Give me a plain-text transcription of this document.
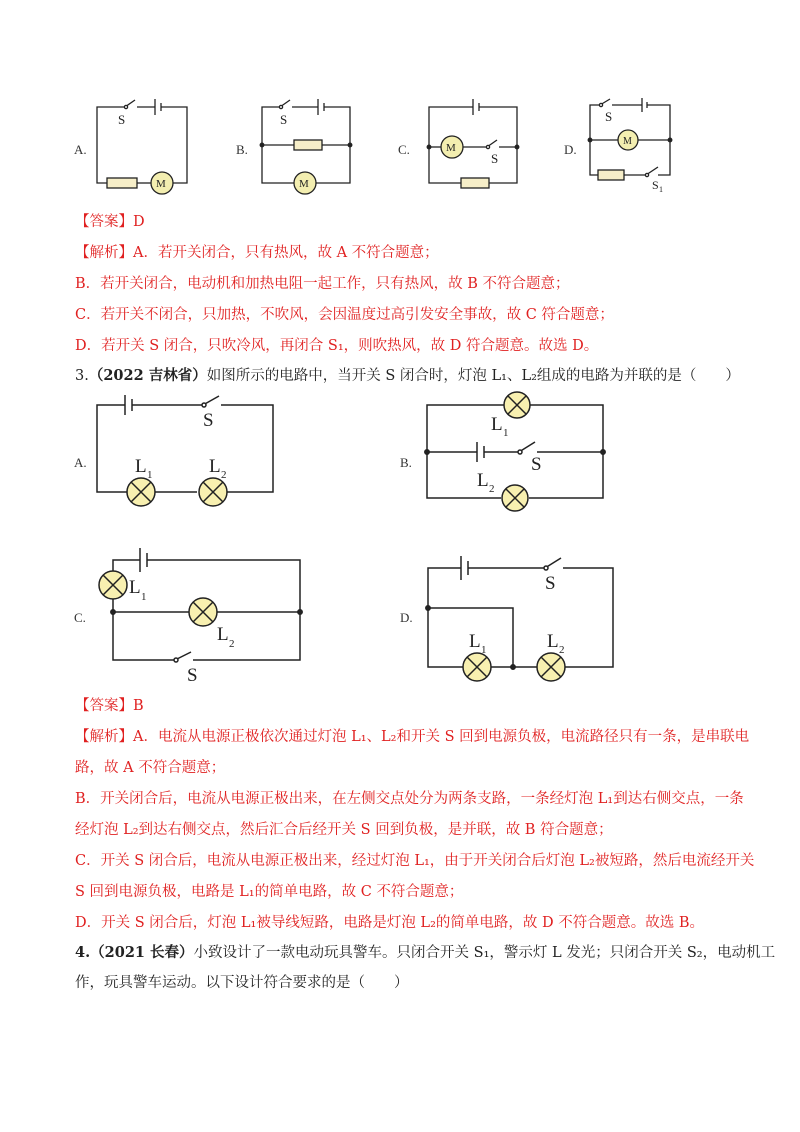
A.
S
M
B.
S
M
C.	M
S
D.
S
M
S 1
【答案】D
【解析】A．若开关闭合，只有热风，故 A 不符合题意；
B．若开关闭合，电动机和加热电阻一起工作，只有热风，故 B 不符合题意；
C．若开关不闭合，只加热，不吹风，会因温度过高引发安全事故，故 C 符合题意；
D．若开关 S 闭合，只吹冷风，再闭合 S₁，则吹热风，故 D 符合题意。故选 D。
3.（2022 吉林省）如图所示的电路中，当开关 S 闭合时，灯泡 L₁、L₂组成的电路为并联的是（　　）
A.
S
L 1	L 2
B.
L 1
S
L 2
C.
L 1
L 2
S
D.
S
L 1	L 2
【答案】B
【解析】A．电流从电源正极依次通过灯泡 L₁、L₂和开关 S 回到电源负极，电流路径只有一条，是串联电
路，故 A 不符合题意；
B．开关闭合后，电流从电源正极出来，在左侧交点处分为两条支路，一条经灯泡 L₁到达右侧交点，一条
经灯泡 L₂到达右侧交点，然后汇合后经开关 S 回到负极，是并联，故 B 符合题意；
C．开关 S 闭合后，电流从电源正极出来，经过灯泡 L₁，由于开关闭合后灯泡 L₂被短路，然后电流经开关
S 回到电源负极，电路是 L₁的简单电路，故 C 不符合题意；
D．开关 S 闭合后，灯泡 L₁被导线短路，电路是灯泡 L₂的简单电路，故 D 不符合题意。故选 B。
4.（2021 长春）小致设计了一款电动玩具警车。只闭合开关 S₁，警示灯 L 发光；只闭合开关 S₂，电动机工
作，玩具警车运动。以下设计符合要求的是（　　）
